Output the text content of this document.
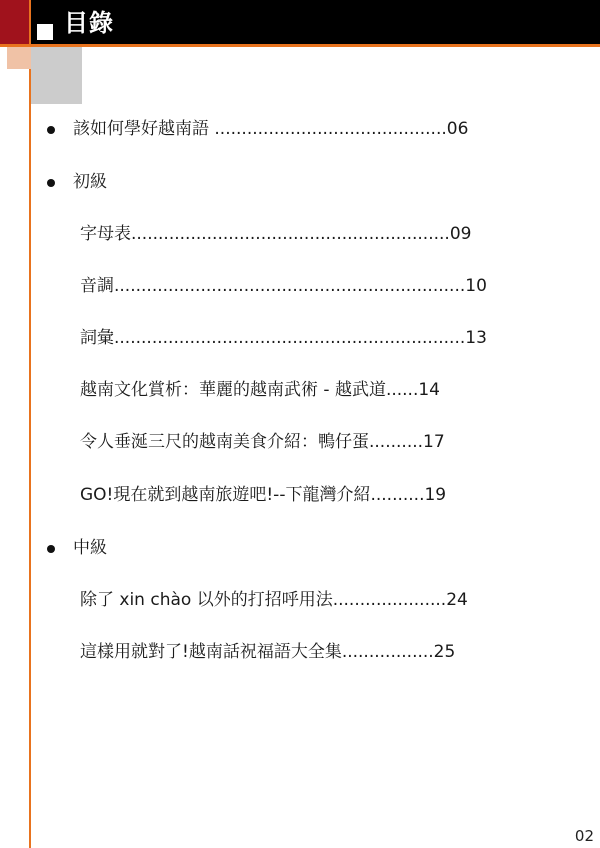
目錄
該如何學好越南語 ...........................................06
初級
字母表...........................................................09
音調.................................................................10
詞彙.................................................................13
越南文化賞析：華麗的越南武術 - 越武道......14
令人垂涎三尺的越南美食介紹：鴨仔蛋..........17
GO!現在就到越南旅遊吧!--下龍灣介紹..........19
中級
除了 xin chào 以外的打招呼用法.....................24
這樣用就對了!越南話祝福語大全集.................25
02
